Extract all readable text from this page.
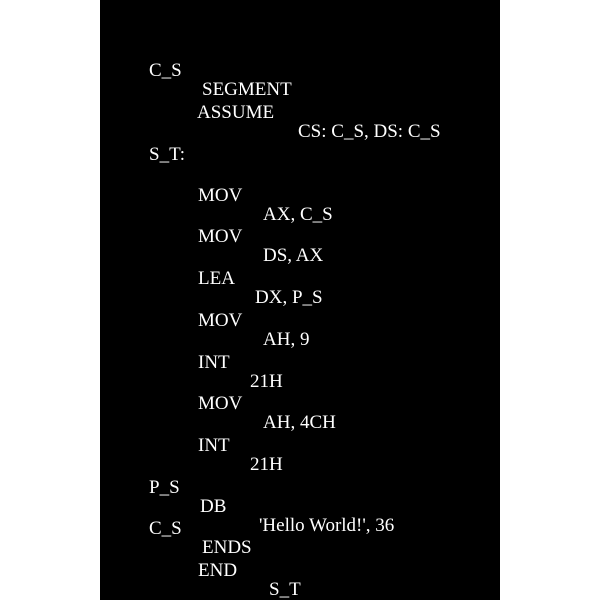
C_S

SEGMENT

ASSUME

CS: C_S, DS: C_S

S_T:

MOV

AX, C_S

MOV

DS, AX

LEA

DX, P_S

MOV

AH, 9

INT

21H

MOV

AH, 4CH

INT

21H

P_S

DB

'Hello World!', 36

C_S

ENDS

END

S_T
